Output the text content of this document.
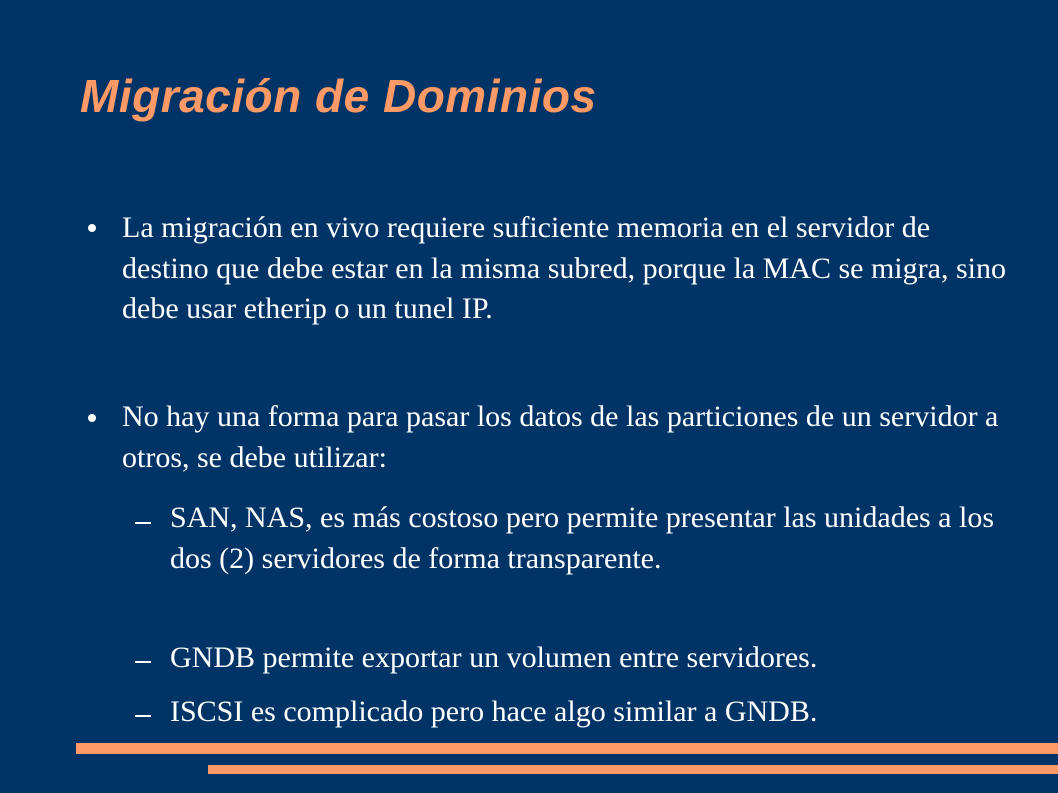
Migración de Dominios

La migración en vivo requiere suficiente memoria en el servidor de destino que debe estar en la misma subred, porque la MAC se migra, sino debe usar etherip o un tunel IP.

No hay una forma para pasar los datos de las particiones de un servidor a otros, se debe utilizar:

SAN, NAS, es más costoso pero permite presentar las unidades a los dos (2) servidores de forma transparente.

GNDB permite exportar un volumen entre servidores.

ISCSI es complicado pero hace algo similar a GNDB.
